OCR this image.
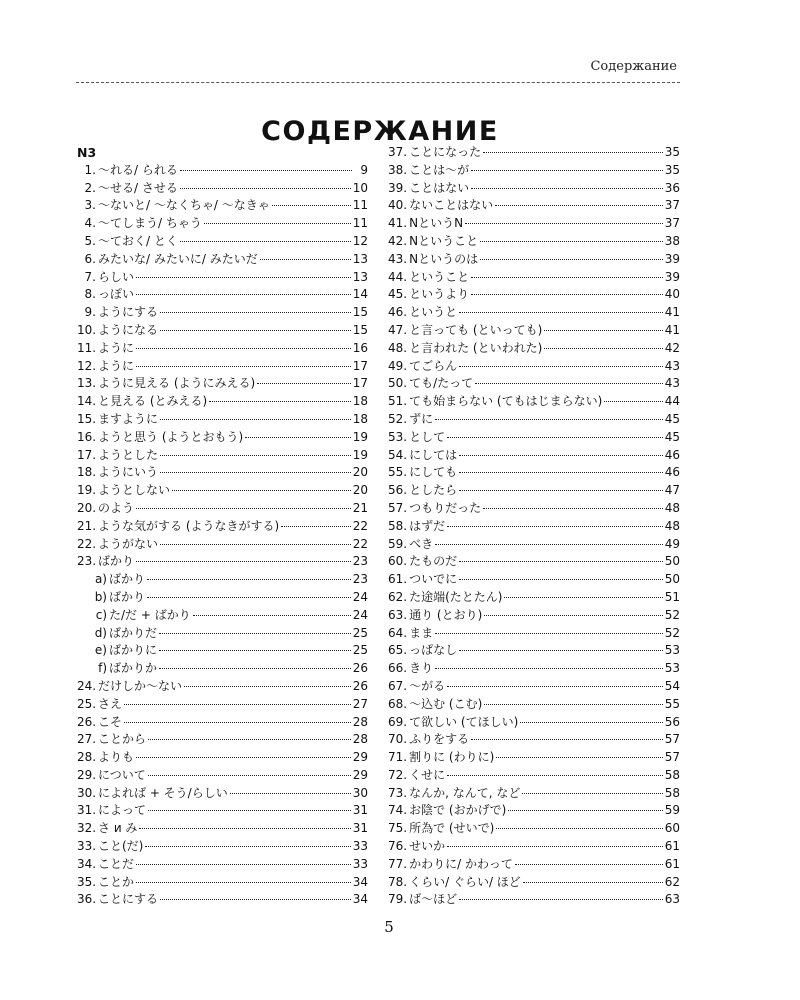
Содержание
СОДЕРЖАНИЕ
N3
1. 〜れる/ られる	9
2. 〜せる/ させる	10
3. 〜ないと/ 〜なくちゃ/ 〜なきゃ	11
4. 〜てしまう/ ちゃう	11
5. 〜ておく/ とく	12
6. みたいな/ みたいに/ みたいだ	13
7. らしい	13
8. っぽい	14
9. ようにする	15
10. ようになる	15
11. ように	16
12. ように	17
13. ように見える (ようにみえる)	17
14. と見える (とみえる)	18
15. ますように	18
16. ようと思う (ようとおもう)	19
17. ようとした	19
18. ようにいう	20
19. ようとしない	20
20. のよう	21
21. ような気がする (ようなきがする)	22
22. ようがない	22
23. ばかり	23
a) ばかり	23
b) ばかり	24
c) た/だ + ばかり	24
d) ばかりだ	25
e) ばかりに	25
f) ばかりか	26
24. だけしか〜ない	26
25. さえ	27
26. こそ	28
27. ことから	28
28. よりも	29
29. について	29
30. によれば + そう/らしい	30
31. によって	31
32. さ и み	31
33. こと(だ)	33
34. ことだ	33
35. ことか	34
36. ことにする	34
37. ことになった	35
38. ことは〜が	35
39. ことはない	36
40. ないことはない	37
41. NというN	37
42. Nということ	38
43. Nというのは	39
44. ということ	39
45. というより	40
46. というと	41
47. と言っても (といっても)	41
48. と言われた (といわれた)	42
49. てごらん	43
50. ても/たって	43
51. ても始まらない (てもはじまらない)	44
52. ずに	45
53. として	45
54. にしては	46
55. にしても	46
56. としたら	47
57. つもりだった	48
58. はずだ	48
59. べき	49
60. たものだ	50
61. ついでに	50
62. た途端(たとたん)	51
63. 通り (とおり)	52
64. まま	52
65. っぱなし	53
66. きり	53
67. 〜がる	54
68. 〜込む (こむ)	55
69. て欲しい (てほしい)	56
70. ふりをする	57
71. 割りに (わりに)	57
72. くせに	58
73. なんか, なんて, など	58
74. お陰で (おかげで)	59
75. 所為で (せいで)	60
76. せいか	61
77. かわりに/ かわって	61
78. くらい/ ぐらい/ ほど	62
79. ば〜ほど	63
5
